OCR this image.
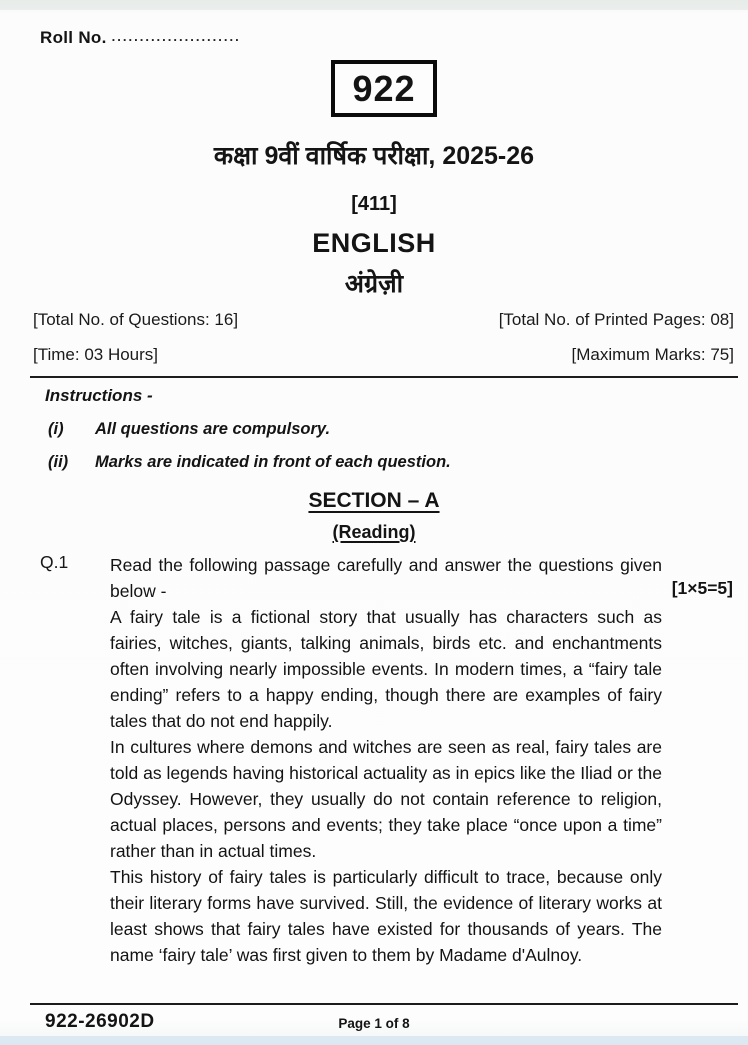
Roll No. .......................
922
कक्षा 9वीं वार्षिक परीक्षा, 2025-26
[411]
ENGLISH
अंग्रेज़ी
[Total No. of Questions: 16]	[Total No. of Printed Pages: 08]
[Time: 03 Hours]	[Maximum Marks: 75]
Instructions -
(i)	All questions are compulsory.
(ii)	Marks are indicated in front of each question.
SECTION – A
(Reading)
Q.1
[1×5=5]
Read the following passage carefully and answer the questions given below -
A fairy tale is a fictional story that usually has characters such as fairies, witches, giants, talking animals, birds etc. and enchantments often involving nearly impossible events. In modern times, a “fairy tale ending” refers to a happy ending, though there are examples of fairy tales that do not end happily.
In cultures where demons and witches are seen as real, fairy tales are told as legends having historical actuality as in epics like the Iliad or the Odyssey. However, they usually do not contain reference to religion, actual places, persons and events; they take place “once upon a time” rather than in actual times.
This history of fairy tales is particularly difficult to trace, because only their literary forms have survived. Still, the evidence of literary works at least shows that fairy tales have existed for thousands of years. The name ‘fairy tale’ was first given to them by Madame d'Aulnoy.
922-26902D	Page 1 of 8
